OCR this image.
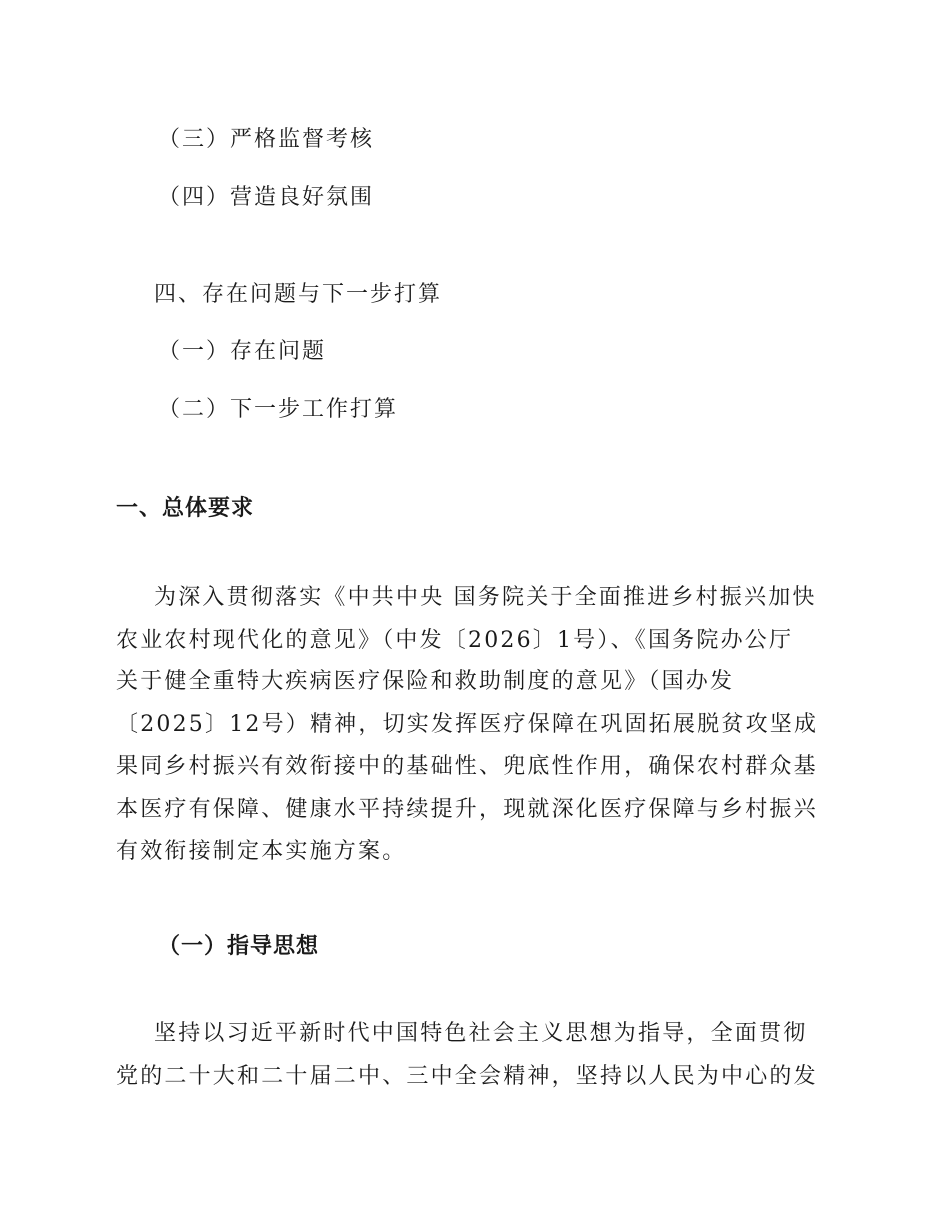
（三）严格监督考核
（四）营造良好氛围
四、存在问题与下一步打算
（一）存在问题
（二）下一步工作打算
一、总体要求
为深入贯彻落实《中共中央 国务院关于全面推进乡村振兴加快
农业农村现代化的意见》（中发〔2026〕1号）、《国务院办公厅
关于健全重特大疾病医疗保险和救助制度的意见》（国办发
〔2025〕12号）精神，切实发挥医疗保障在巩固拓展脱贫攻坚成
果同乡村振兴有效衔接中的基础性、兜底性作用，确保农村群众基
本医疗有保障、健康水平持续提升，现就深化医疗保障与乡村振兴
有效衔接制定本实施方案。
（一）指导思想
坚持以习近平新时代中国特色社会主义思想为指导，全面贯彻
党的二十大和二十届二中、三中全会精神，坚持以人民为中心的发
